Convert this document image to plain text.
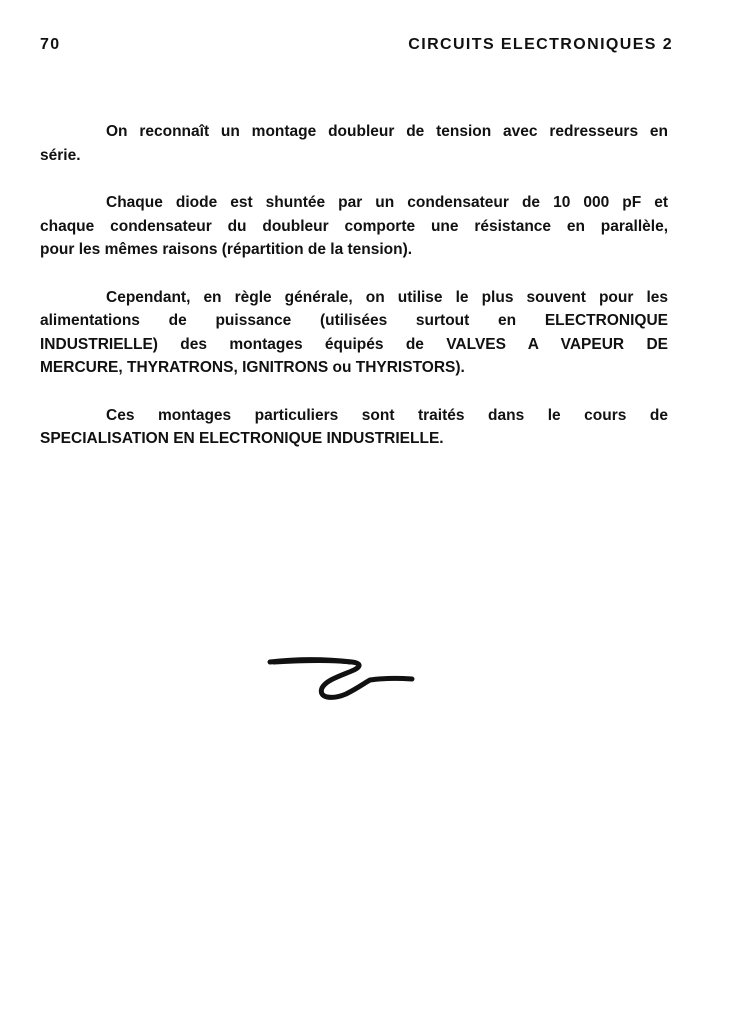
70	CIRCUITS ELECTRONIQUES 2

On reconnaît un montage doubleur de tension avec redresseurs en
série.

Chaque diode est shuntée par un condensateur de 10 000 pF et
chaque condensateur du doubleur comporte une résistance en parallèle,
pour les mêmes raisons (répartition de la tension).

Cependant, en règle générale, on utilise le plus souvent pour les
alimentations de puissance (utilisées surtout en ELECTRONIQUE
INDUSTRIELLE) des montages équipés de VALVES A VAPEUR DE
MERCURE, THYRATRONS, IGNITRONS ou THYRISTORS).

Ces montages particuliers sont traités dans le cours de
SPECIALISATION EN ELECTRONIQUE INDUSTRIELLE.
